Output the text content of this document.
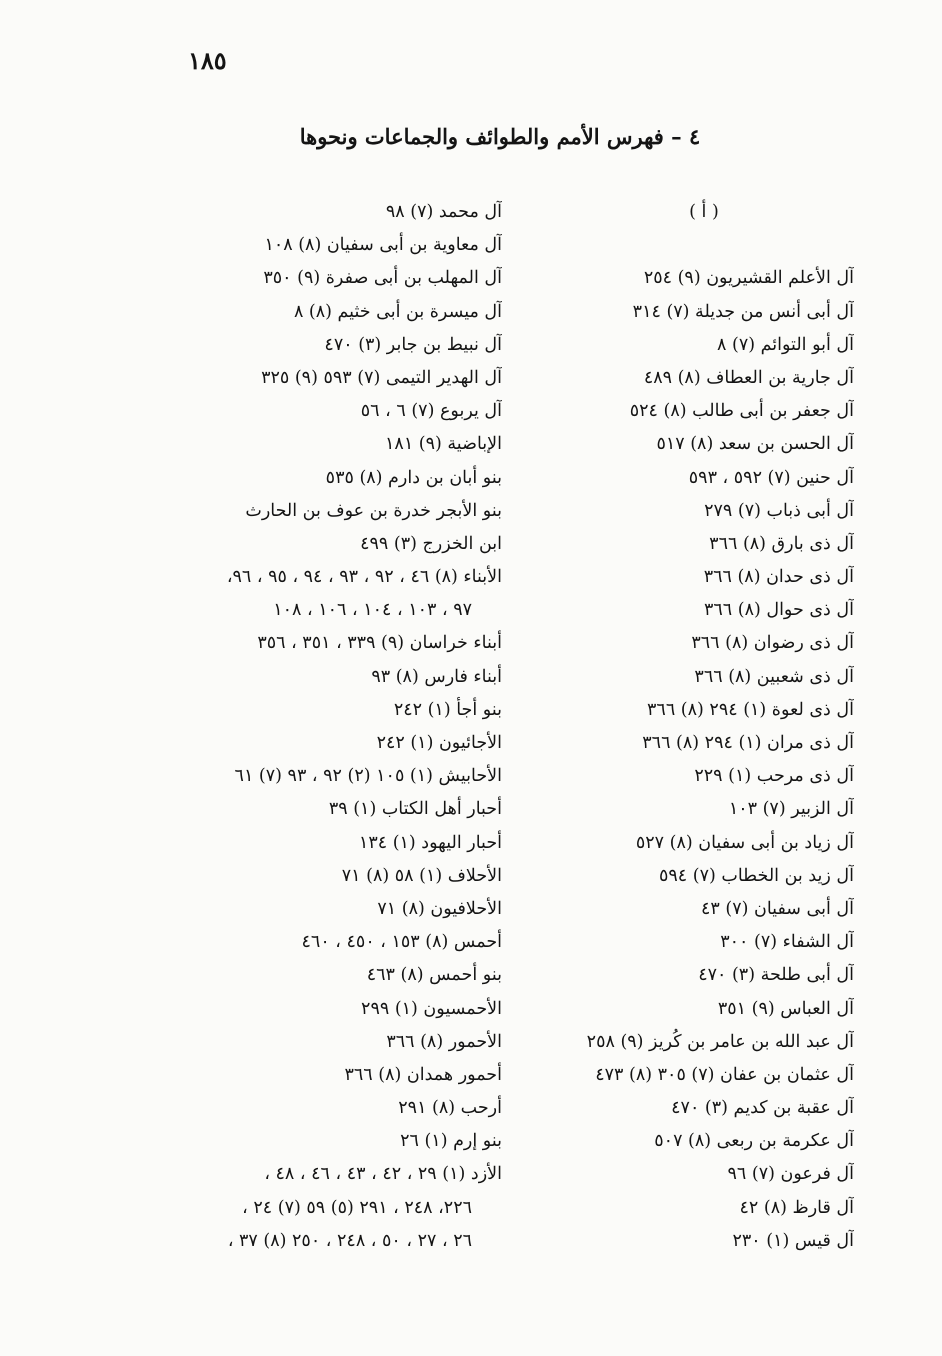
١٨٥
٤ – فهرس الأمم والطوائف والجماعات ونحوها
( أ )
آل الأعلم القشيريون (٩) ٢٥٤
آل أبى أنس من جديلة (٧) ٣١٤
آل أبو التوائم (٧) ٨
آل جارية بن العطاف (٨) ٤٨٩
آل جعفر بن أبى طالب (٨) ٥٢٤
آل الحسن بن سعد (٨) ٥١٧
آل حنين (٧) ٥٩٢ ، ٥٩٣
آل أبى ذباب (٧) ٢٧٩
آل ذى بارق (٨) ٣٦٦
آل ذى حدان (٨) ٣٦٦
آل ذى حوال (٨) ٣٦٦
آل ذى رضوان (٨) ٣٦٦
آل ذى شعبين (٨) ٣٦٦
آل ذى لعوة (١) ٢٩٤ (٨) ٣٦٦
آل ذى مران (١) ٢٩٤ (٨) ٣٦٦
آل ذى مرحب (١) ٢٢٩
آل الزبير (٧) ١٠٣
آل زياد بن أبى سفيان (٨) ٥٢٧
آل زيد بن الخطاب (٧) ٥٩٤
آل أبى سفيان (٧) ٤٣
آل الشفاء (٧) ٣٠٠
آل أبى طلحة (٣) ٤٧٠
آل العباس (٩) ٣٥١
آل عبد الله بن عامر بن كُريز (٩) ٢٥٨
آل عثمان بن عفان (٧) ٣٠٥ (٨) ٤٧٣
آل عقبة بن كديم (٣) ٤٧٠
آل عكرمة بن ربعى (٨) ٥٠٧
آل فرعون (٧) ٩٦
آل قارظ (٨) ٤٢
آل قيس (١) ٢٣٠
آل محمد (٧) ٩٨
آل معاوية بن أبى سفيان (٨) ١٠٨
آل المهلب بن أبى صفرة (٩) ٣٥٠
آل ميسرة بن أبى خثيم (٨) ٨
آل نبيط بن جابر (٣) ٤٧٠
آل الهدير التيمى (٧) ٥٩٣ (٩) ٣٢٥
آل يربوع (٧) ٦ ، ٥٦
الإباضية (٩) ١٨١
بنو أبان بن دارم (٨) ٥٣٥
بنو الأبجر خدرة بن عوف بن الحارث
ابن الخزرج (٣) ٤٩٩
الأبناء (٨) ٤٦ ، ٩٢ ، ٩٣ ، ٩٤ ، ٩٥ ، ٩٦،
٩٧ ، ١٠٣ ، ١٠٤ ، ١٠٦ ، ١٠٨
أبناء خراسان (٩) ٣٣٩ ، ٣٥١ ، ٣٥٦
أبناء فارس (٨) ٩٣
بنو أجأ (١) ٢٤٢
الأجائيون (١) ٢٤٢
الأحابيش (١) ١٠٥ (٢) ٩٢ ، ٩٣ (٧) ٦١
أحبار أهل الكتاب (١) ٣٩
أحبار اليهود (١) ١٣٤
الأحلاف (١) ٥٨ (٨) ٧١
الأحلافيون (٨) ٧١
أحمس (٨) ١٥٣ ، ٤٥٠ ، ٤٦٠
بنو أحمس (٨) ٤٦٣
الأحمسيون (١) ٢٩٩
الأحمور (٨) ٣٦٦
أحمور همدان (٨) ٣٦٦
أرحب (٨) ٢٩١
بنو إرم (١) ٢٦
الأزد (١) ٢٩ ، ٤٢ ، ٤٣ ، ٤٦ ، ٤٨ ،
٢٢٦، ٢٤٨ ، ٢٩١ (٥) ٥٩ (٧) ٢٤ ،
٢٦ ، ٢٧ ، ٥٠ ، ٢٤٨ ، ٢٥٠ (٨) ٣٧ ،
